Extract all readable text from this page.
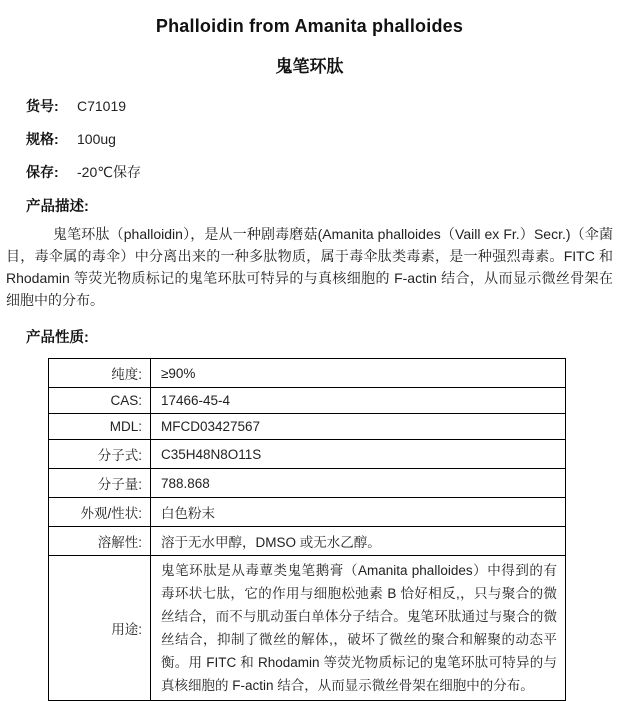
Phalloidin from Amanita phalloides
鬼笔环肽
货号:	C71019
规格:	100ug
保存:	-20℃保存
产品描述:

鬼笔环肽（phalloidin），是从一种剧毒磨菇(Amanita phalloides（Vaill ex Fr.）Secr.)（伞菌目，毒伞属的毒伞）中分离出来的一种多肽物质，属于毒伞肽类毒素，是一种强烈毒素。FITC 和 Rhodamin 等荧光物质标记的鬼笔环肽可特异的与真核细胞的 F-actin 结合，从而显示微丝骨架在细胞中的分布。

产品性质:
纯度:	≥90%
CAS:	17466-45-4
MDL:	MFCD03427567
分子式:	C35H48N8O11S
分子量:	788.868
外观/性状:	白色粉末
溶解性:	溶于无水甲醇，DMSO 或无水乙醇。
用途:	鬼笔环肽是从毒蕈类鬼笔鹅膏（Amanita phalloides）中得到的有毒环状七肽，它的作用与细胞松弛素 B 恰好相反,，只与聚合的微丝结合，而不与肌动蛋白单体分子结合。鬼笔环肽通过与聚合的微丝结合，抑制了微丝的解体,，破坏了微丝的聚合和解聚的动态平衡。用 FITC 和 Rhodamin 等荧光物质标记的鬼笔环肽可特异的与真核细胞的 F-actin 结合，从而显示微丝骨架在细胞中的分布。
